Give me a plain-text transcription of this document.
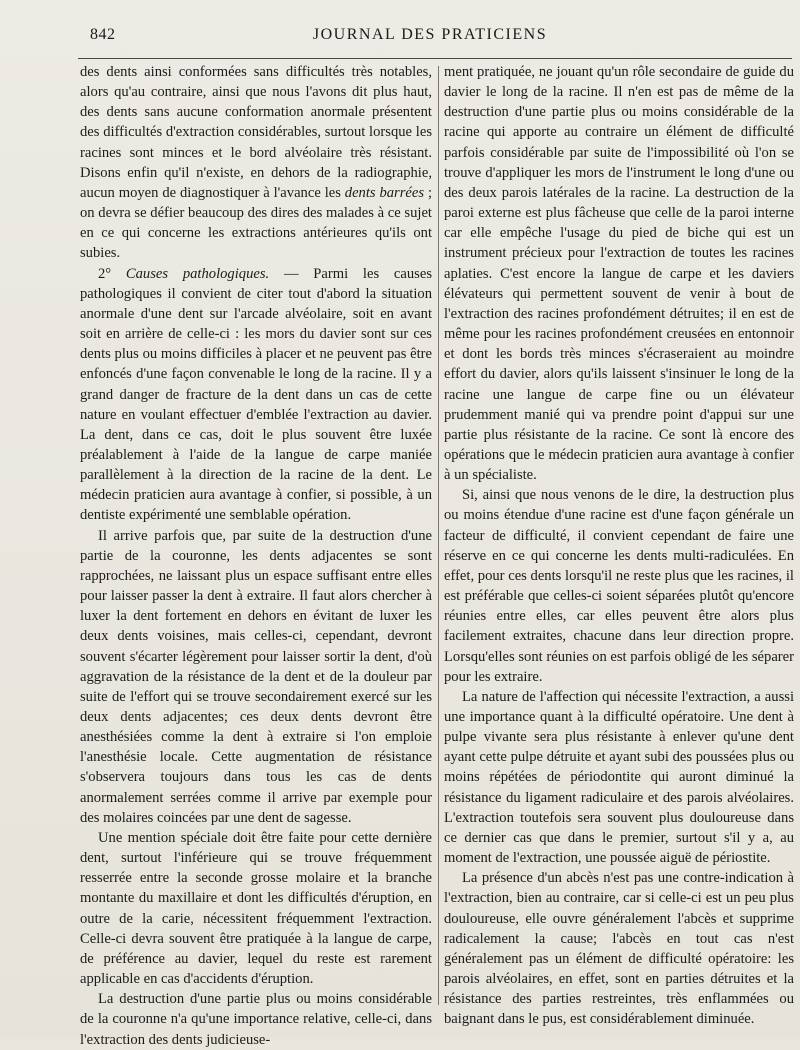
842	JOURNAL DES PRATICIENS

des dents ainsi conformées sans difficultés très notables, alors qu'au contraire, ainsi que nous l'avons dit plus haut, des dents sans aucune conformation anormale présentent des difficultés d'extraction considérables, surtout lorsque les racines sont minces et le bord alvéolaire très résistant. Disons enfin qu'il n'existe, en dehors de la radiographie, aucun moyen de diagnostiquer à l'avance les dents barrées ; on devra se défier beaucoup des dires des malades à ce sujet en ce qui concerne les extractions antérieures qu'ils ont subies.

2° Causes pathologiques. — Parmi les causes pathologiques il convient de citer tout d'abord la situation anormale d'une dent sur l'arcade alvéolaire, soit en avant soit en arrière de celle-ci : les mors du davier sont sur ces dents plus ou moins difficiles à placer et ne peuvent pas être enfoncés d'une façon convenable le long de la racine. Il y a grand danger de fracture de la dent dans un cas de cette nature en voulant effectuer d'emblée l'extraction au davier. La dent, dans ce cas, doit le plus souvent être luxée préalablement à l'aide de la langue de carpe maniée parallèlement à la direction de la racine de la dent. Le médecin praticien aura avantage à confier, si possible, à un dentiste expérimenté une semblable opération.

Il arrive parfois que, par suite de la destruction d'une partie de la couronne, les dents adjacentes se sont rapprochées, ne laissant plus un espace suffisant entre elles pour laisser passer la dent à extraire. Il faut alors chercher à luxer la dent fortement en dehors en évitant de luxer les deux dents voisines, mais celles-ci, cependant, devront souvent s'écarter légèrement pour laisser sortir la dent, d'où aggravation de la résistance de la dent et de la douleur par suite de l'effort qui se trouve secondairement exercé sur les deux dents adjacentes; ces deux dents devront être anesthésiées comme la dent à extraire si l'on emploie l'anesthésie locale. Cette augmentation de résistance s'observera toujours dans tous les cas de dents anormalement serrées comme il arrive par exemple pour des molaires coincées par une dent de sagesse.

Une mention spéciale doit être faite pour cette dernière dent, surtout l'inférieure qui se trouve fréquemment resserrée entre la seconde grosse molaire et la branche montante du maxillaire et dont les difficultés d'éruption, en outre de la carie, nécessitent fréquemment l'extraction. Celle-ci devra souvent être pratiquée à la langue de carpe, de préférence au davier, lequel du reste est rarement applicable en cas d'accidents d'éruption.

La destruction d'une partie plus ou moins considérable de la couronne n'a qu'une importance relative, celle-ci, dans l'extraction des dents judicieuse-

ment pratiquée, ne jouant qu'un rôle secondaire de guide du davier le long de la racine. Il n'en est pas de même de la destruction d'une partie plus ou moins considérable de la racine qui apporte au contraire un élément de difficulté parfois considérable par suite de l'impossibilité où l'on se trouve d'appliquer les mors de l'instrument le long d'une ou des deux parois latérales de la racine. La destruction de la paroi externe est plus fâcheuse que celle de la paroi interne car elle empêche l'usage du pied de biche qui est un instrument précieux pour l'extraction de toutes les racines aplaties. C'est encore la langue de carpe et les daviers élévateurs qui permettent souvent de venir à bout de l'extraction des racines profondément détruites; il en est de même pour les racines profondément creusées en entonnoir et dont les bords très minces s'écraseraient au moindre effort du davier, alors qu'ils laissent s'insinuer le long de la racine une langue de carpe fine ou un élévateur prudemment manié qui va prendre point d'appui sur une partie plus résistante de la racine. Ce sont là encore des opérations que le médecin praticien aura avantage à confier à un spécialiste.

Si, ainsi que nous venons de le dire, la destruction plus ou moins étendue d'une racine est d'une façon générale un facteur de difficulté, il convient cependant de faire une réserve en ce qui concerne les dents multi-radiculées. En effet, pour ces dents lorsqu'il ne reste plus que les racines, il est préférable que celles-ci soient séparées plutôt qu'encore réunies entre elles, car elles peuvent être alors plus facilement extraites, chacune dans leur direction propre. Lorsqu'elles sont réunies on est parfois obligé de les séparer pour les extraire.

La nature de l'affection qui nécessite l'extraction, a aussi une importance quant à la difficulté opératoire. Une dent à pulpe vivante sera plus résistante à enlever qu'une dent ayant cette pulpe détruite et ayant subi des poussées plus ou moins répétées de périodontite qui auront diminué la résistance du ligament radiculaire et des parois alvéolaires. L'extraction toutefois sera souvent plus douloureuse dans ce dernier cas que dans le premier, surtout s'il y a, au moment de l'extraction, une poussée aiguë de périostite.

La présence d'un abcès n'est pas une contre-indication à l'extraction, bien au contraire, car si celle-ci est un peu plus douloureuse, elle ouvre généralement l'abcès et supprime radicalement la cause; l'abcès en tout cas n'est généralement pas un élément de difficulté opératoire: les parois alvéolaires, en effet, sont en parties détruites et la résistance des parties restreintes, très enflammées ou baignant dans le pus, est considérablement diminuée.
